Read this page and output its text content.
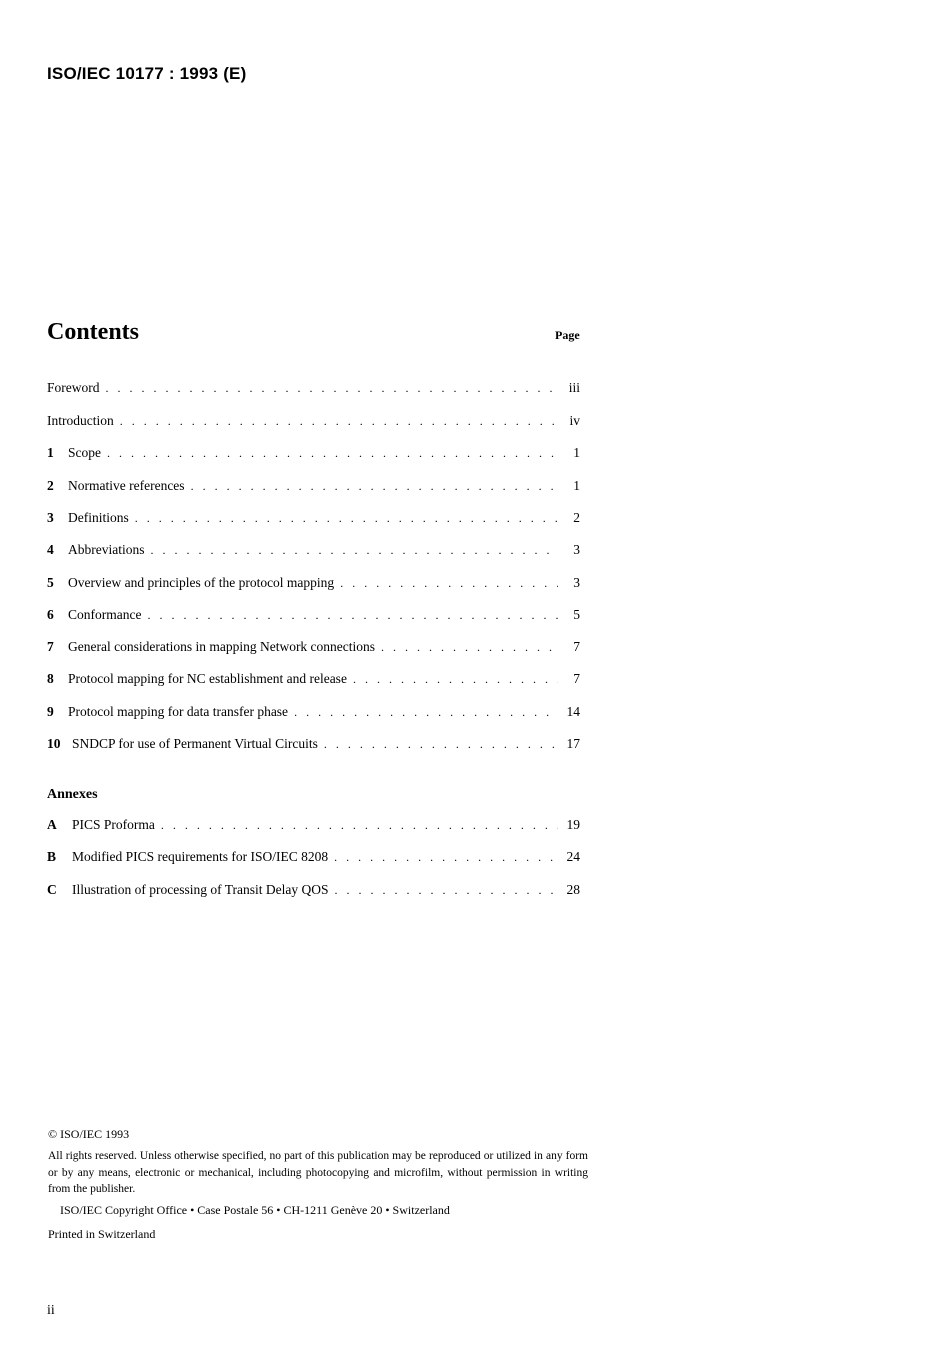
ISO/IEC 10177 : 1993 (E)
Contents	Page
Foreword . . .	iii
Introduction . . .	iv
1	Scope . . .	1
2	Normative references . . .	1
3	Definitions . . .	2
4	Abbreviations . . .	3
5	Overview and principles of the protocol mapping . . .	3
6	Conformance . . .	5
7	General considerations in mapping Network connections . . .	7
8	Protocol mapping for NC establishment and release . . .	7
9	Protocol mapping for data transfer phase . . .	14
10 SNDCP for use of Permanent Virtual Circuits . . .	17
Annexes
A	PICS Proforma . . .	19
B	Modified PICS requirements for ISO/IEC 8208 . . .	24
C	Illustration of processing of Transit Delay QOS . . .	28
© ISO/IEC 1993
All rights reserved. Unless otherwise specified, no part of this publication may be reproduced or utilized in any form or by any means, electronic or mechanical, including photocopying and microfilm, without permission in writing from the publisher.
ISO/IEC Copyright Office • Case Postale 56 • CH-1211 Genève 20 • Switzerland
Printed in Switzerland
ii
